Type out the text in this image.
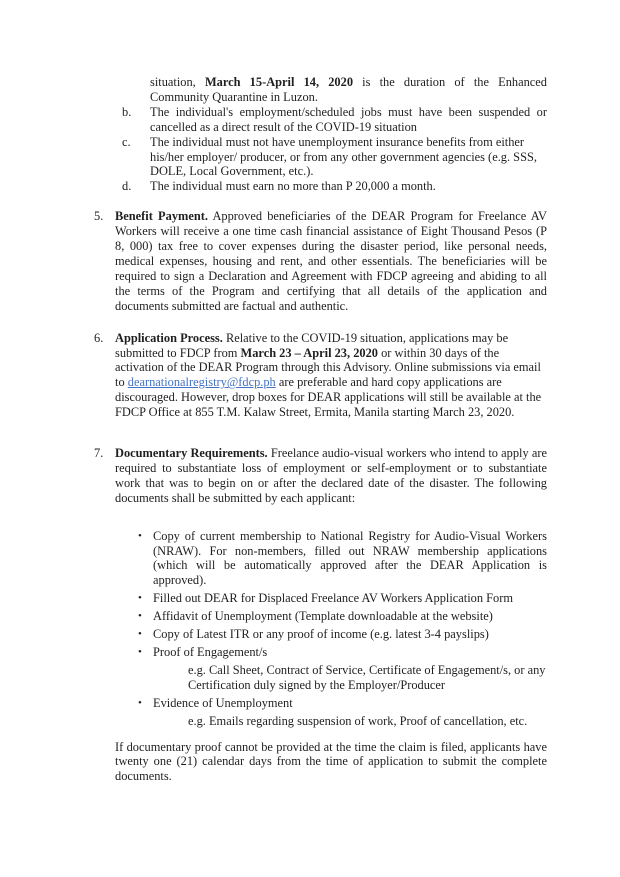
situation, March 15-April 14, 2020 is the duration of the Enhanced Community Quarantine in Luzon.

b.	The individual's employment/scheduled jobs must have been suspended or cancelled as a direct result of the COVID-19 situation
c.	The individual must not have unemployment insurance benefits from either his/her employer/ producer, or from any other government agencies (e.g. SSS, DOLE, Local Government, etc.).
d.	The individual must earn no more than P 20,000 a month.
5. Benefit Payment. Approved beneficiaries of the DEAR Program for Freelance AV Workers will receive a one time cash financial assistance of Eight Thousand Pesos (P 8, 000) tax free to cover expenses during the disaster period, like personal needs, medical expenses, housing and rent, and other essentials. The beneficiaries will be required to sign a Declaration and Agreement with FDCP agreeing and abiding to all the terms of the Program and certifying that all details of the application and documents submitted are factual and authentic.
6. Application Process. Relative to the COVID-19 situation, applications may be submitted to FDCP from March 23 – April 23, 2020 or within 30 days of the activation of the DEAR Program through this Advisory. Online submissions via email to dearnationalregistry@fdcp.ph are preferable and hard copy applications are discouraged. However, drop boxes for DEAR applications will still be available at the FDCP Office at 855 T.M. Kalaw Street, Ermita, Manila starting March 23, 2020.
7. Documentary Requirements. Freelance audio-visual workers who intend to apply are required to substantiate loss of employment or self-employment or to substantiate work that was to begin on or after the declared date of the disaster. The following documents shall be submitted by each applicant:
• Copy of current membership to National Registry for Audio-Visual Workers (NRAW). For non-members, filled out NRAW membership applications (which will be automatically approved after the DEAR Application is approved).
• Filled out DEAR for Displaced Freelance AV Workers Application Form
• Affidavit of Unemployment (Template downloadable at the website)
• Copy of Latest ITR or any proof of income (e.g. latest 3-4 payslips)
• Proof of Engagement/s

e.g. Call Sheet, Contract of Service, Certificate of Engagement/s, or any Certification duly signed by the Employer/Producer

• Evidence of Unemployment

e.g. Emails regarding suspension of work, Proof of cancellation, etc.

If documentary proof cannot be provided at the time the claim is filed, applicants have twenty one (21) calendar days from the time of application to submit the complete documents.
